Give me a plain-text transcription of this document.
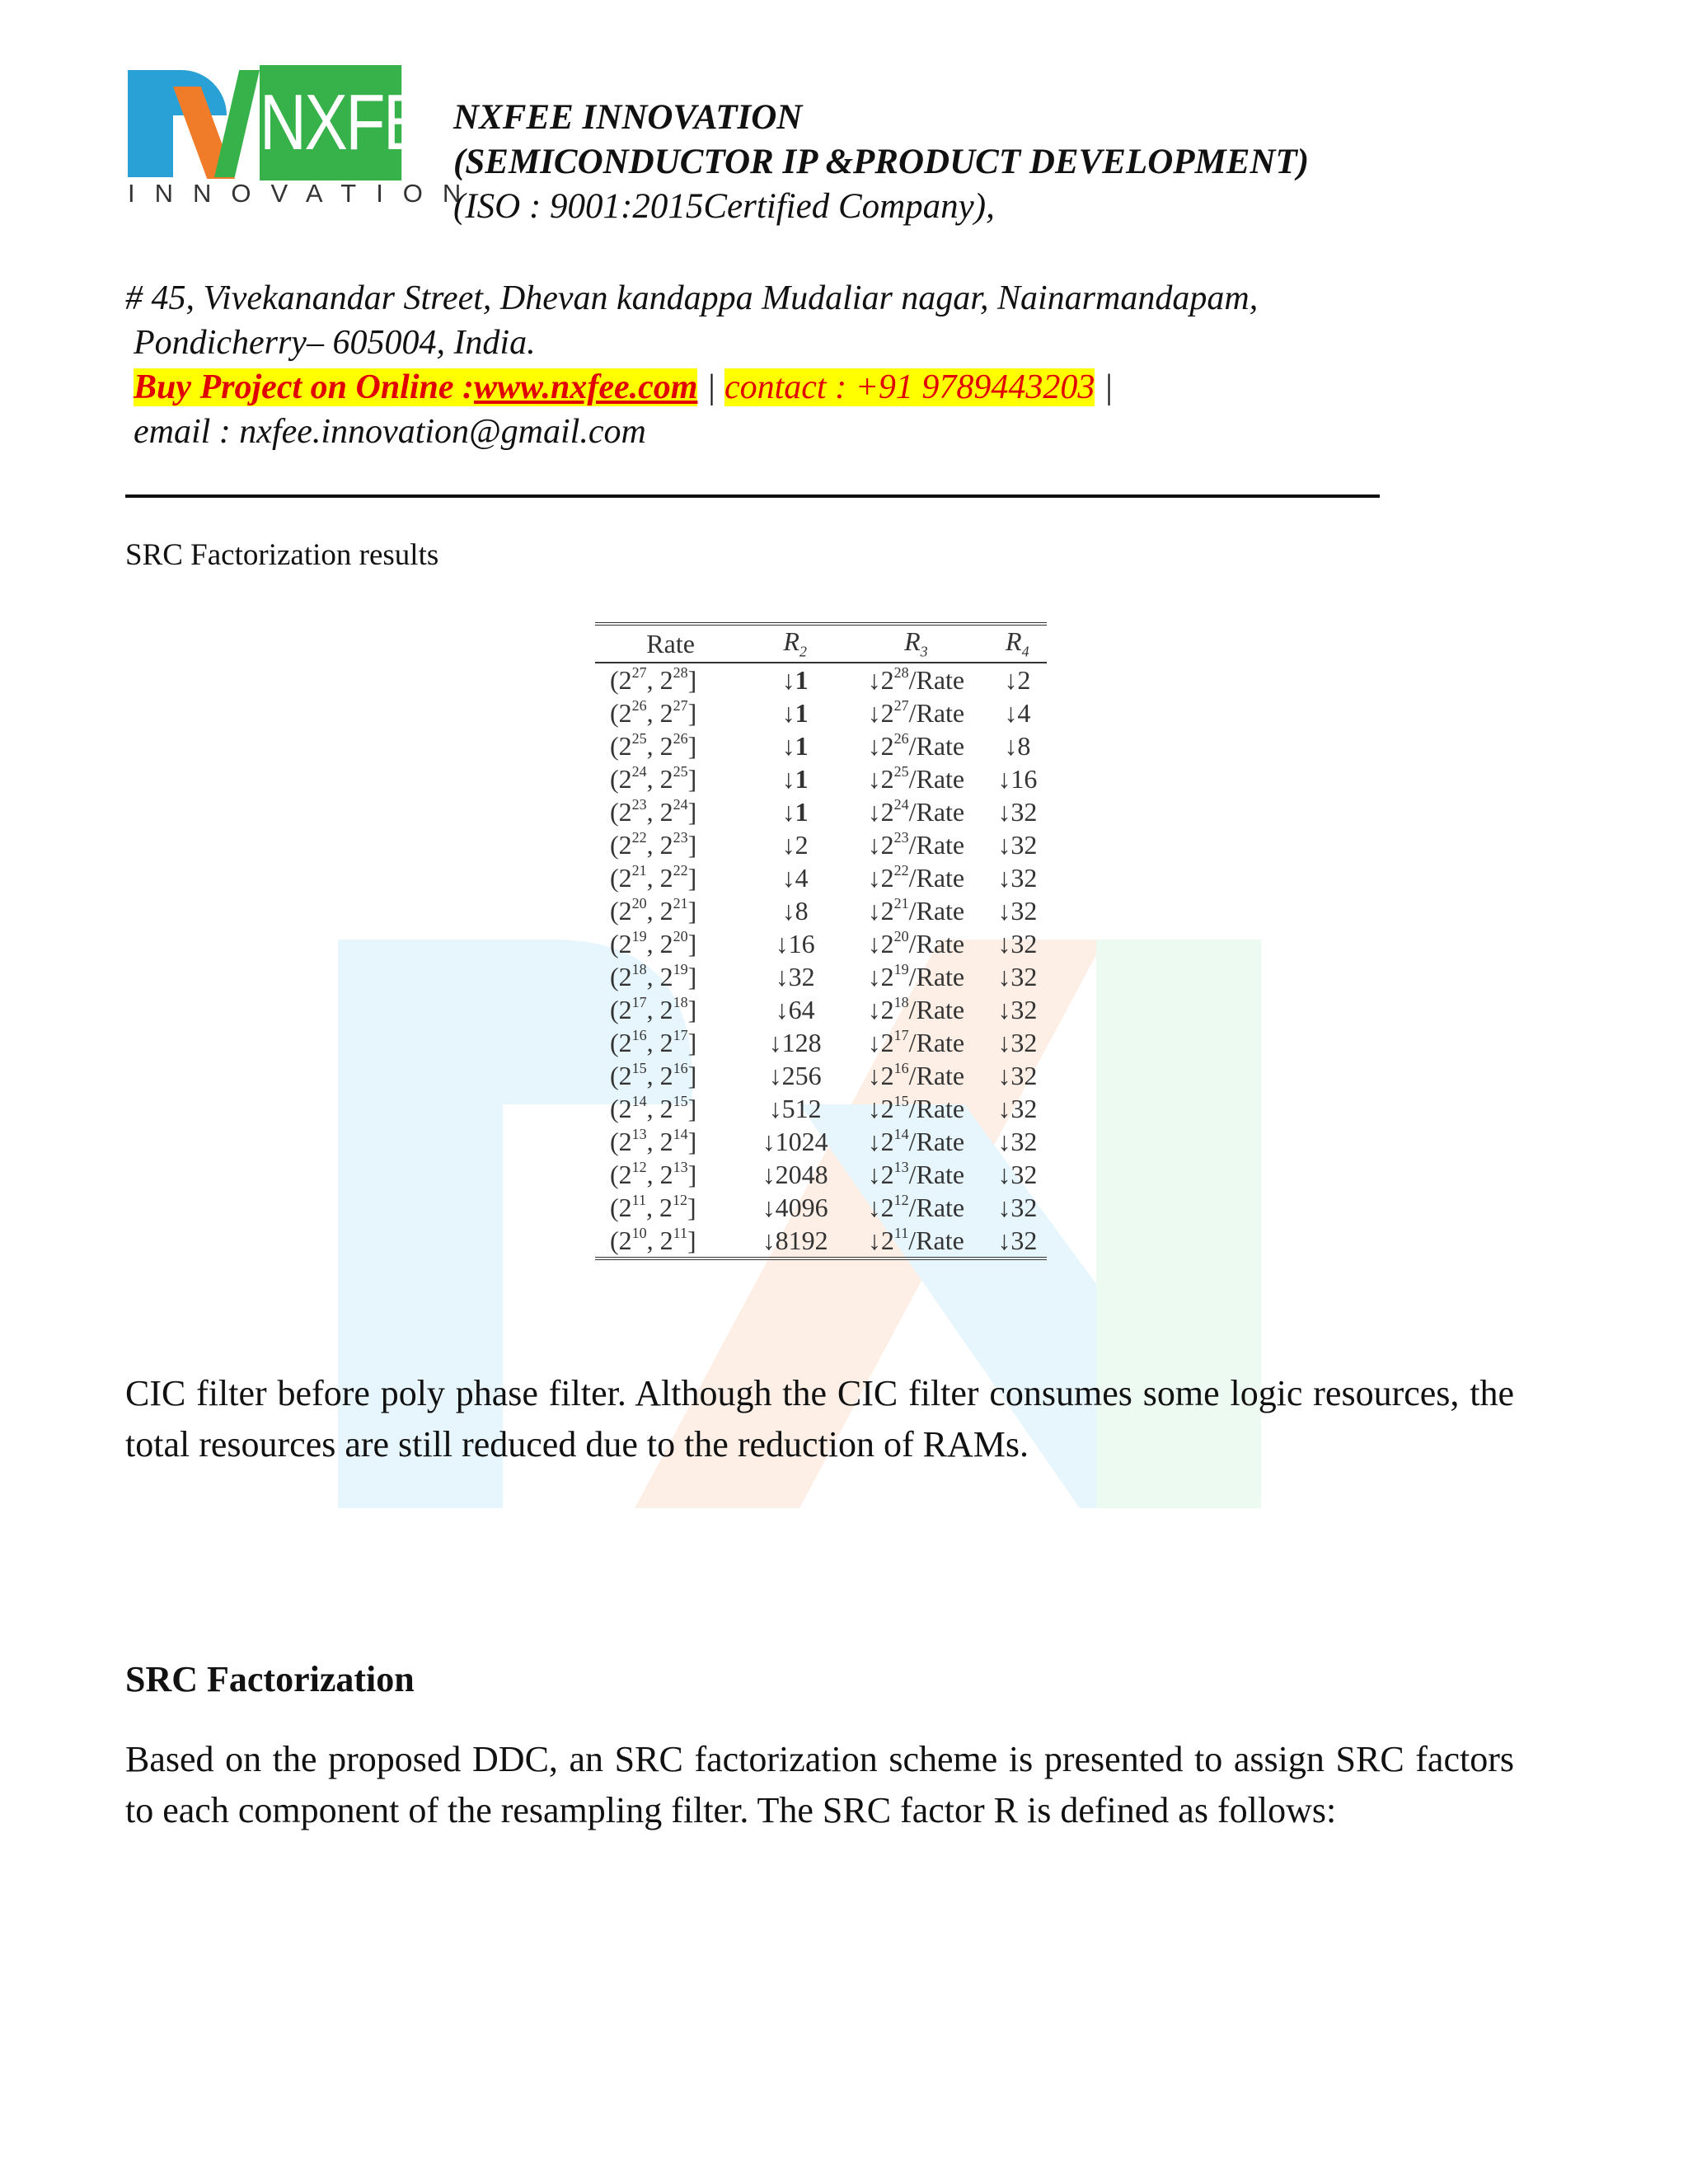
NXFEE
INNOVATION
NXFEE INNOVATION
(SEMICONDUCTOR IP &PRODUCT DEVELOPMENT)
(ISO : 9001:2015Certified Company),
# 45, Vivekanandar Street, Dhevan kandappa Mudaliar nagar, Nainarmandapam,
Pondicherry– 605004, India.
Buy Project on Online :www.nxfee.com | contact : +91 9789443203 |
email : nxfee.innovation@gmail.com
SRC Factorization results
Rate	$R_2$	$R_3$	$R_4$
($2^{27}$, $2^{28}$]	↓1	$↓2^{28}$/Rate	↓2
($2^{26}$, $2^{27}$]	↓1	$↓2^{27}$/Rate	↓4
($2^{25}$, $2^{26}$]	↓1	$↓2^{26}$/Rate	↓8
($2^{24}$, $2^{25}$]	↓1	$↓2^{25}$/Rate	↓16
($2^{23}$, $2^{24}$]	↓1	$↓2^{24}$/Rate	↓32
($2^{22}$, $2^{23}$]	↓2	$↓2^{23}$/Rate	↓32
($2^{21}$, $2^{22}$]	↓4	$↓2^{22}$/Rate	↓32
($2^{20}$, $2^{21}$]	↓8	$↓2^{21}$/Rate	↓32
($2^{19}$, $2^{20}$]	↓16	$↓2^{20}$/Rate	↓32
($2^{18}$, $2^{19}$]	↓32	$↓2^{19}$/Rate	↓32
($2^{17}$, $2^{18}$]	↓64	$↓2^{18}$/Rate	↓32
($2^{16}$, $2^{17}$]	↓128	$↓2^{17}$/Rate	↓32
($2^{15}$, $2^{16}$]	↓256	$↓2^{16}$/Rate	↓32
($2^{14}$, $2^{15}$]	↓512	$↓2^{15}$/Rate	↓32
($2^{13}$, $2^{14}$]	↓1024	$↓2^{14}$/Rate	↓32
($2^{12}$, $2^{13}$]	↓2048	$↓2^{13}$/Rate	↓32
($2^{11}$, $2^{12}$]	↓4096	$↓2^{12}$/Rate	↓32
($2^{10}$, $2^{11}$]	↓8192	$↓2^{11}$/Rate	↓32
CIC filter before poly phase filter. Although the CIC filter consumes some logic resources, the total resources are still reduced due to the reduction of RAMs.
SRC Factorization
Based on the proposed DDC, an SRC factorization scheme is presented to assign SRC factors to each component of the resampling filter. The SRC factor R is defined as follows:
